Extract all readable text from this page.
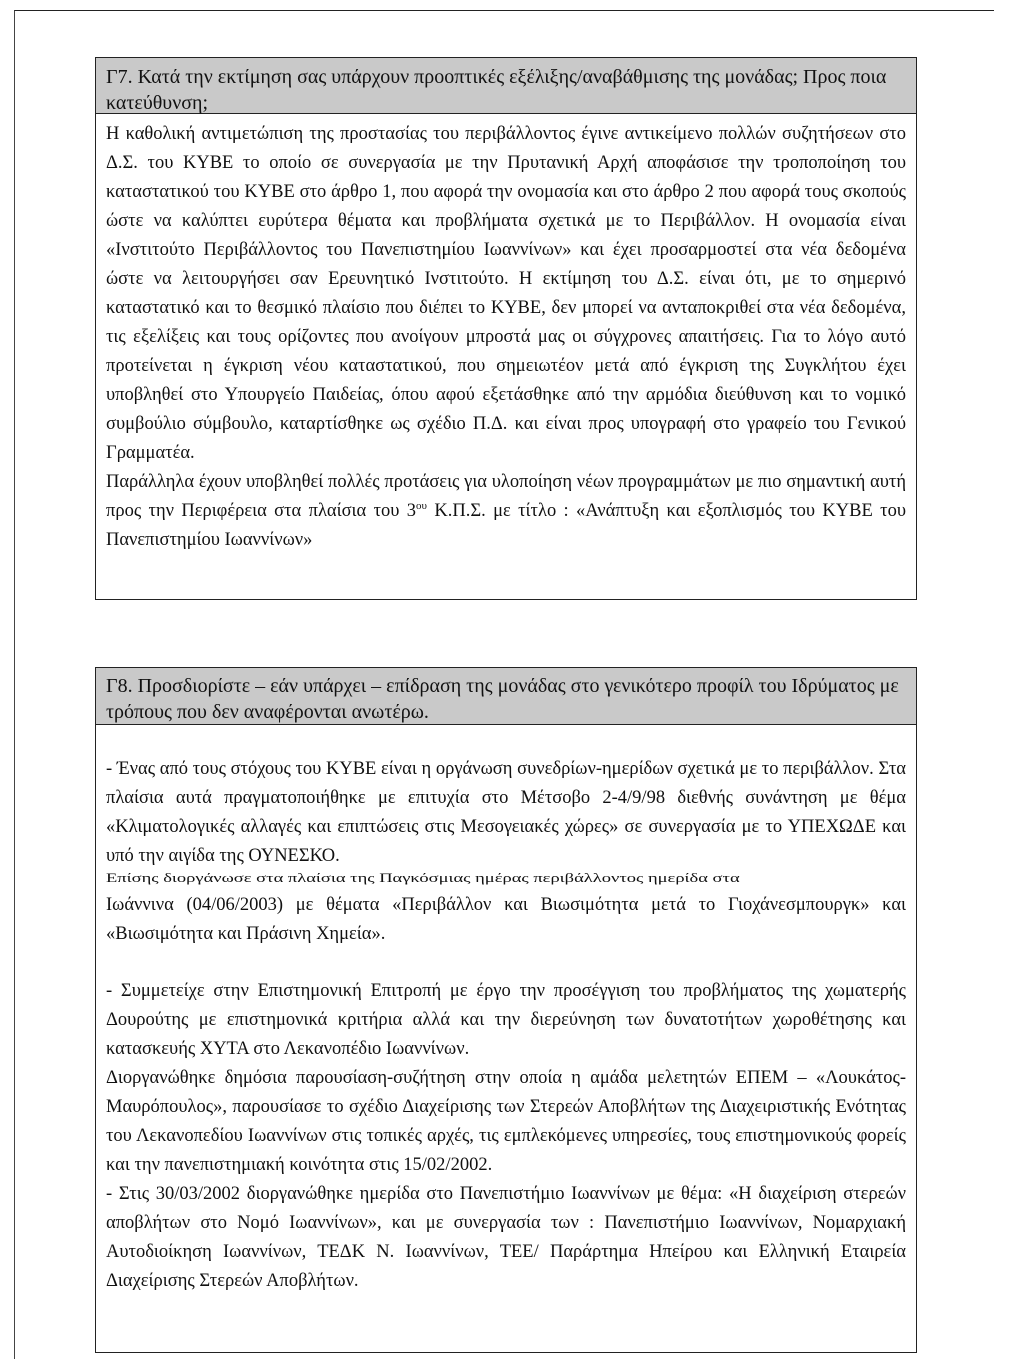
Γ7. Κατά την εκτίμηση σας υπάρχουν προοπτικές εξέλιξης/αναβάθμισης της μονάδας; Προς ποια κατεύθυνση;

Η καθολική αντιμετώπιση της προστασίας του περιβάλλοντος έγινε αντικείμενο πολλών συζητήσεων στο Δ.Σ. του ΚΥΒΕ το οποίο σε συνεργασία με την Πρυτανική Αρχή αποφάσισε την τροποποίηση του καταστατικού του ΚΥΒΕ στο άρθρο 1, που αφορά την ονομασία και στο άρθρο 2 που αφορά τους σκοπούς ώστε να καλύπτει ευρύτερα θέματα και προβλήματα σχετικά με το Περιβάλλον. Η ονομασία είναι «Ινστιτούτο Περιβάλλοντος του Πανεπιστημίου Ιωαννίνων» και έχει προσαρμοστεί στα νέα δεδομένα ώστε να λειτουργήσει σαν Ερευνητικό Ινστιτούτο. Η εκτίμηση του Δ.Σ. είναι ότι, με το σημερινό καταστατικό και το θεσμικό πλαίσιο που διέπει το ΚΥΒΕ, δεν μπορεί να ανταποκριθεί στα νέα δεδομένα, τις εξελίξεις και τους ορίζοντες που ανοίγουν μπροστά μας οι σύγχρονες απαιτήσεις. Για το λόγο αυτό προτείνεται η έγκριση νέου καταστατικού, που σημειωτέον μετά από έγκριση της Συγκλήτου έχει υποβληθεί στο Υπουργείο Παιδείας, όπου αφού εξετάσθηκε από την αρμόδια διεύθυνση και το νομικό συμβούλιο σύμβουλο, καταρτίσθηκε ως σχέδιο Π.Δ. και είναι προς υπογραφή στο γραφείο του Γενικού Γραμματέα.

Παράλληλα έχουν υποβληθεί πολλές προτάσεις για υλοποίηση νέων προγραμμάτων με πιο σημαντική αυτή προς την Περιφέρεια στα πλαίσια του $3^{o\upsilon}$ Κ.Π.Σ. με τίτλο : «Ανάπτυξη και εξοπλισμός του ΚΥΒΕ του Πανεπιστημίου Ιωαννίνων»

Γ8. Προσδιορίστε – εάν υπάρχει – επίδραση της μονάδας στο γενικότερο προφίλ του Ιδρύματος με τρόπους που δεν αναφέρονται ανωτέρω.

- Ένας από τους στόχους του ΚΥΒΕ είναι η οργάνωση συνεδρίων-ημερίδων σχετικά με το περιβάλλον. Στα πλαίσια αυτά πραγματοποιήθηκε με επιτυχία στο Μέτσοβο 2-4/9/98 διεθνής συνάντηση με θέμα «Κλιματολογικές αλλαγές και επιπτώσεις στις Μεσογειακές χώρες» σε συνεργασία με το ΥΠΕΧΩΔΕ και υπό την αιγίδα της ΟΥΝΕΣΚΟ.

Επίσης διοργάνωσε στα πλαίσια της Παγκόσμιας ημέρας περιβάλλοντος ημερίδα στα

Ιωάννινα (04/06/2003) με θέματα «Περιβάλλον και Βιωσιμότητα μετά το Γιοχάνεσμπουργκ» και «Βιωσιμότητα και Πράσινη Χημεία».

- Συμμετείχε στην Επιστημονική Επιτροπή με έργο την προσέγγιση του προβλήματος της χωματερής Δουρούτης με επιστημονικά κριτήρια αλλά και την διερεύνηση των δυνατοτήτων χωροθέτησης και κατασκευής ΧΥΤΑ στο Λεκανοπέδιο Ιωαννίνων.

Διοργανώθηκε δημόσια παρουσίαση-συζήτηση στην οποία η αμάδα μελετητών ΕΠΕΜ – «Λουκάτος-Μαυρόπουλος», παρουσίασε το σχέδιο Διαχείρισης των Στερεών Αποβλήτων της Διαχειριστικής Ενότητας του Λεκανοπεδίου Ιωαννίνων στις τοπικές αρχές, τις εμπλεκόμενες υπηρεσίες, τους επιστημονικούς φορείς και την πανεπιστημιακή κοινότητα στις 15/02/2002.

- Στις 30/03/2002 διοργανώθηκε ημερίδα στο Πανεπιστήμιο Ιωαννίνων με θέμα: «Η διαχείριση στερεών αποβλήτων στο Νομό Ιωαννίνων», και με συνεργασία των : Πανεπιστήμιο Ιωαννίνων, Νομαρχιακή Αυτοδιοίκηση Ιωαννίνων, ΤΕΔΚ Ν. Ιωαννίνων, ΤΕΕ/ Παράρτημα Ηπείρου και Ελληνική Εταιρεία Διαχείρισης Στερεών Αποβλήτων.
